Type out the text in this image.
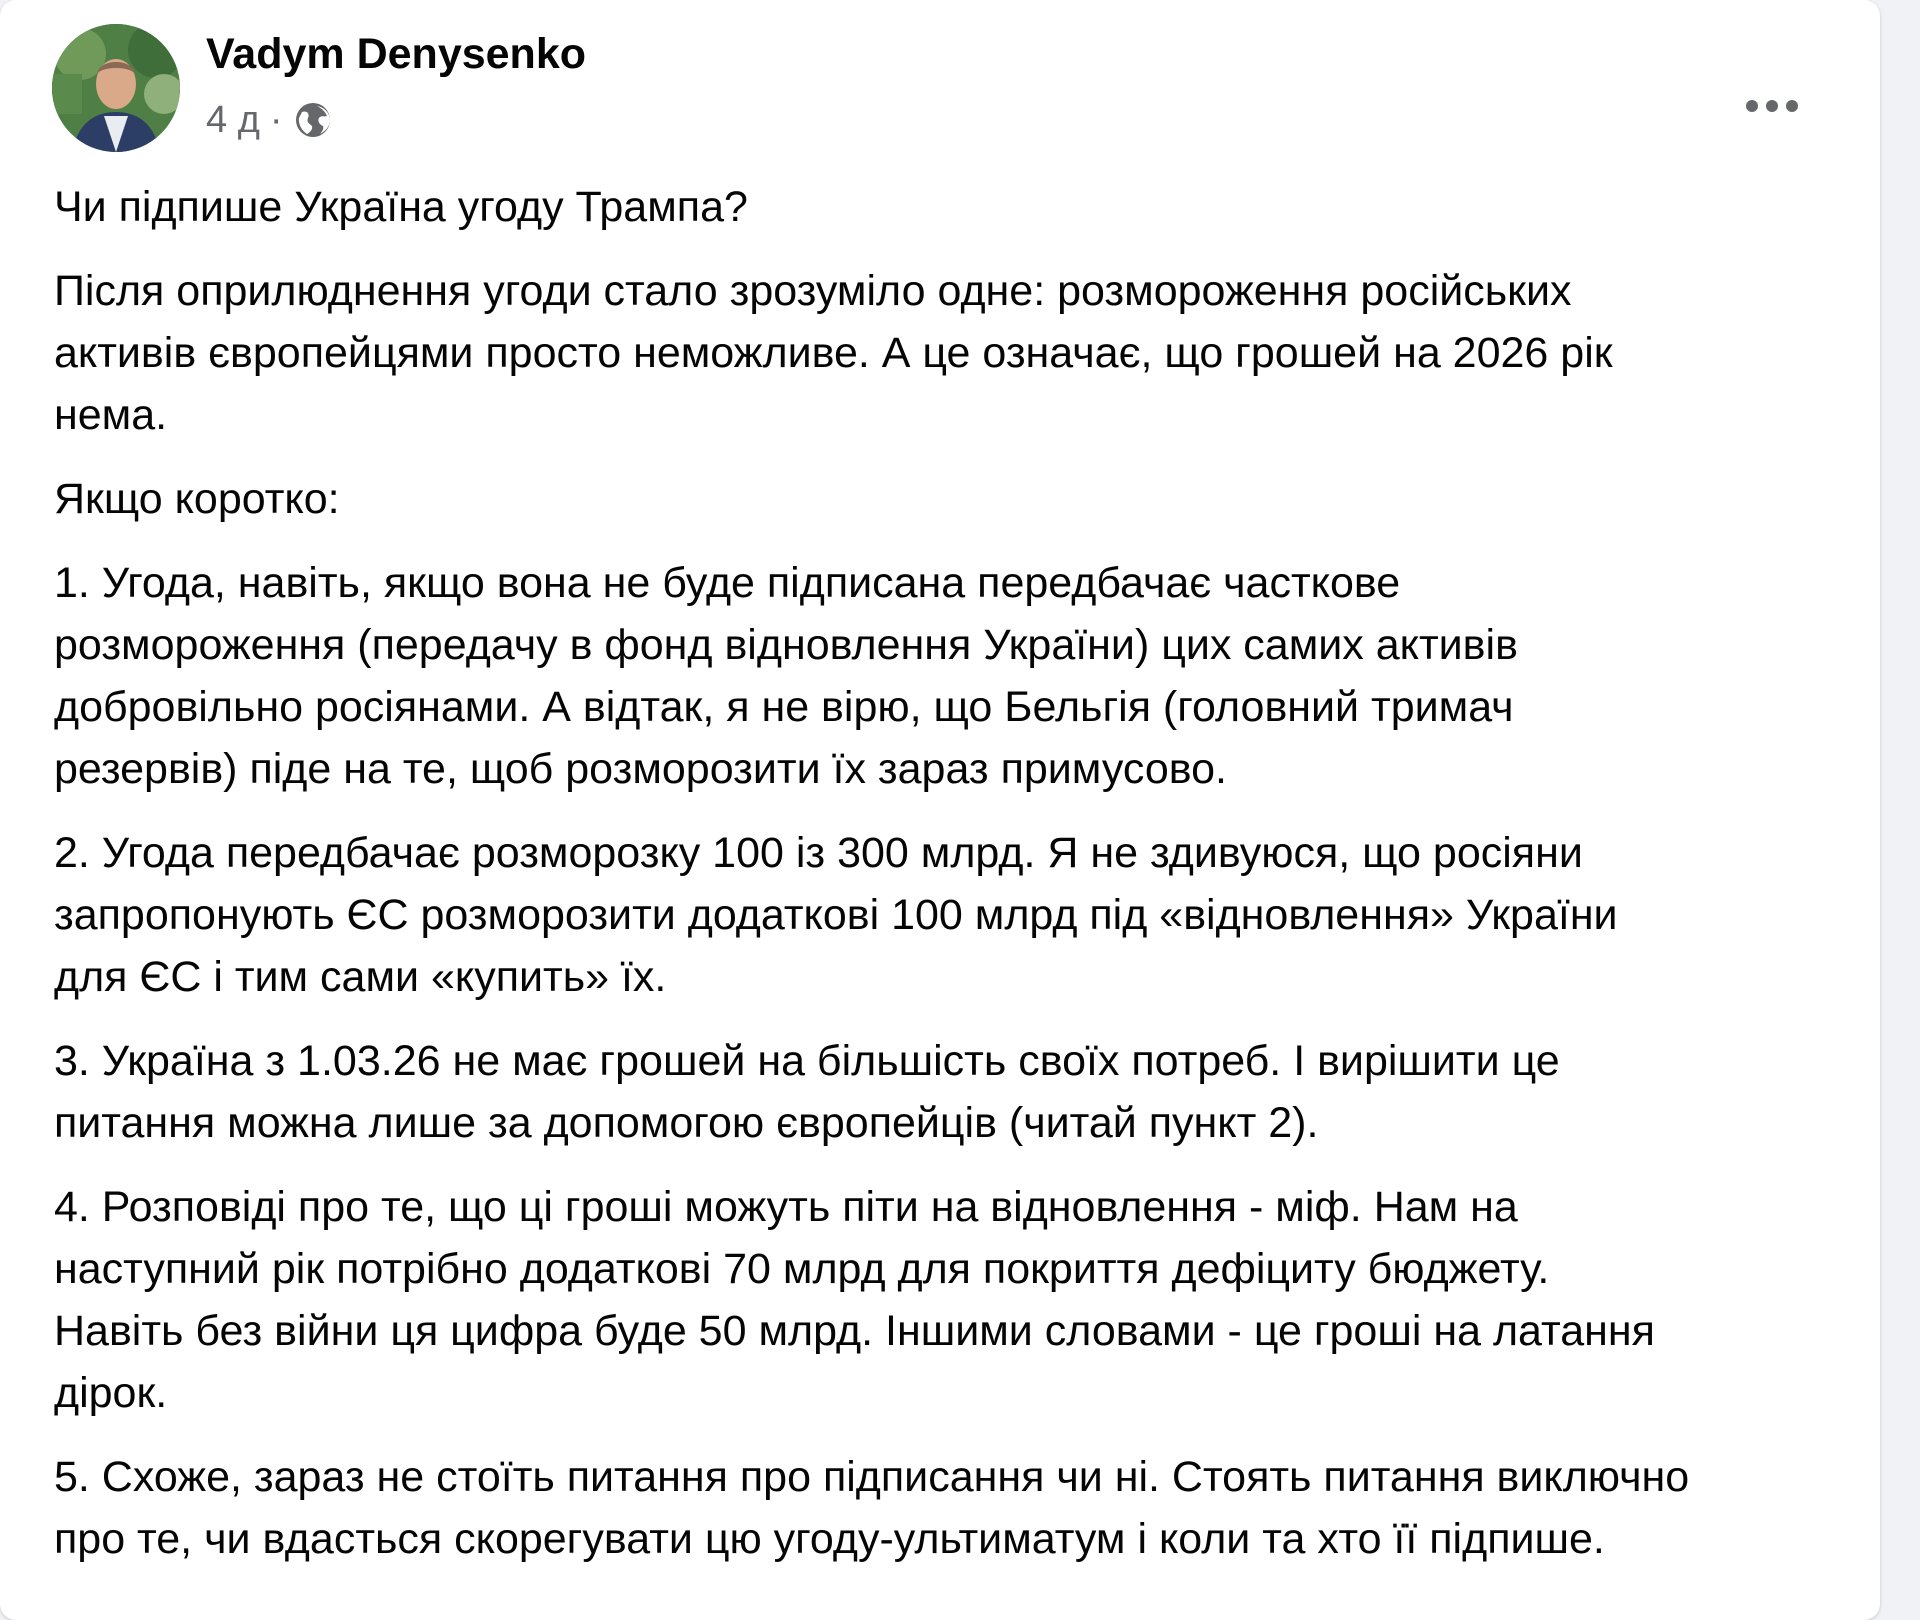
Vadym Denysenko
4 д ·

Чи підпише Україна угоду Трампа?

Після оприлюднення угоди стало зрозуміло одне: розмороження російських
активів європейцями просто неможливе. А це означає, що грошей на 2026 рік
нема.

Якщо коротко:

1. Угода, навіть, якщо вона не буде підписана передбачає часткове
розмороження (передачу в фонд відновлення України) цих самих активів
добровільно росіянами. А відтак, я не вірю, що Бельгія (головний тримач
резервів) піде на те, щоб розморозити їх зараз примусово.

2. Угода передбачає розморозку 100 із 300 млрд. Я не здивуюся, що росіяни
запропонують ЄС розморозити додаткові 100 млрд під «відновлення» України
для ЄС і тим сами «купить» їх.

3. Україна з 1.03.26 не має грошей на більшість своїх потреб. І вирішити це
питання можна лише за допомогою європейців (читай пункт 2).

4. Розповіді про те, що ці гроші можуть піти на відновлення - міф. Нам на
наступний рік потрібно додаткові 70 млрд для покриття дефіциту бюджету.
Навіть без війни ця цифра буде 50 млрд. Іншими словами - це гроші на латання
дірок.

5. Схоже, зараз не стоїть питання про підписання чи ні. Стоять питання виключно
про те, чи вдасться скорегувати цю угоду-ультиматум і коли та хто її підпише.
